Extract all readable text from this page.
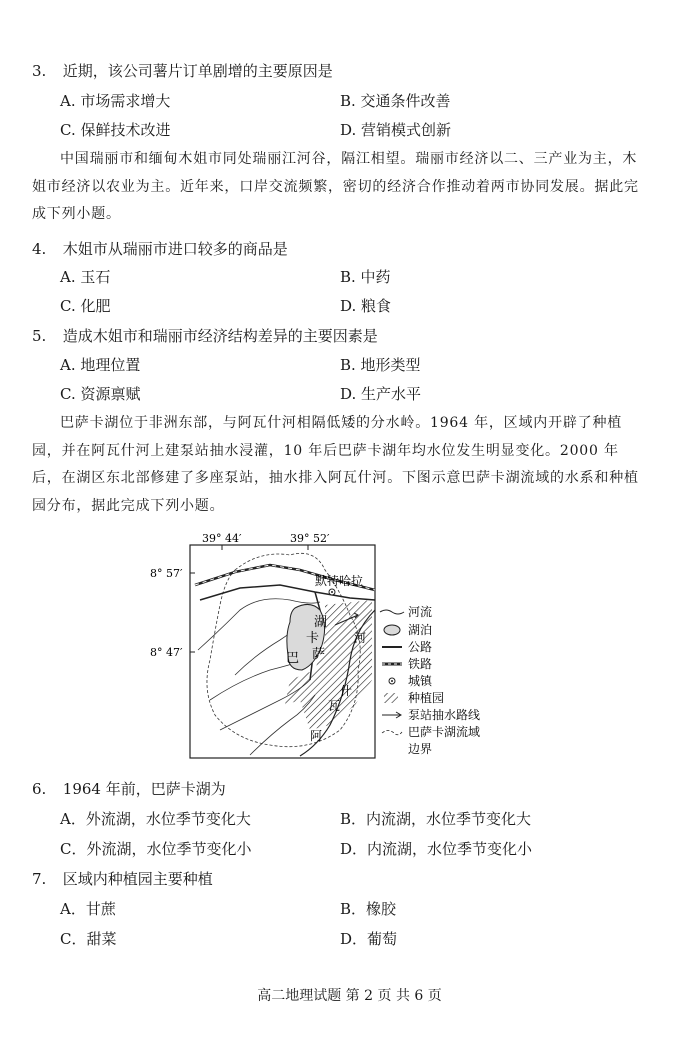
3. 近期，该公司薯片订单剧增的主要原因是
A. 市场需求增大	B. 交通条件改善
C. 保鲜技术改进	D. 营销模式创新
中国瑞丽市和缅甸木姐市同处瑞丽江河谷，隔江相望。瑞丽市经济以二、三产业为主，木姐市经济以农业为主。近年来，口岸交流频繁，密切的经济合作推动着两市协同发展。据此完成下列小题。
4. 木姐市从瑞丽市进口较多的商品是
A. 玉石	B. 中药
C. 化肥	D. 粮食
5. 造成木姐市和瑞丽市经济结构差异的主要因素是
A. 地理位置	B. 地形类型
C. 资源禀赋	D. 生产水平
巴萨卡湖位于非洲东部，与阿瓦什河相隔低矮的分水岭。1964 年，区域内开辟了种植园，并在阿瓦什河上建泵站抽水浸灌，10 年后巴萨卡湖年均水位发生明显变化。2000 年后，在湖区东北部修建了多座泵站，抽水排入阿瓦什河。下图示意巴萨卡湖流域的水系和种植园分布，据此完成下列小题。
39° 44′	39° 52′
8° 57′
8° 47′
默特哈拉
湖
卡
萨
巴
河
什
瓦
阿
河流
湖泊
公路
铁路
城镇
种植园
泵站抽水路线
巴萨卡湖流域
边界
6. 1964 年前，巴萨卡湖为
A．外流湖，水位季节变化大	B．内流湖，水位季节变化大
C．外流湖，水位季节变化小	D．内流湖，水位季节变化小
7. 区域内种植园主要种植
A．甘蔗	B．橡胶
C．甜菜	D．葡萄
高二地理试题 第 2 页 共 6 页
